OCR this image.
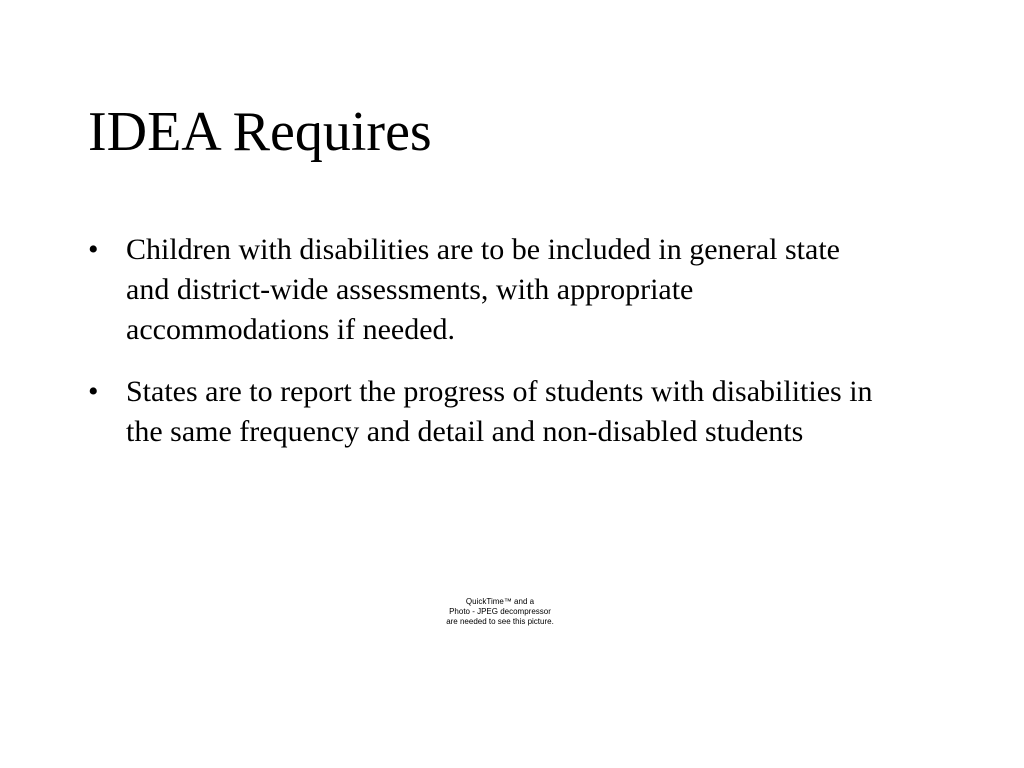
IDEA Requires
• Children with disabilities are to be included in general state and district-wide assessments, with appropriate accommodations if needed.
• States are to report the progress of students with disabilities in the same frequency and detail and non-disabled students
QuickTime™ and a
Photo - JPEG decompressor
are needed to see this picture.
